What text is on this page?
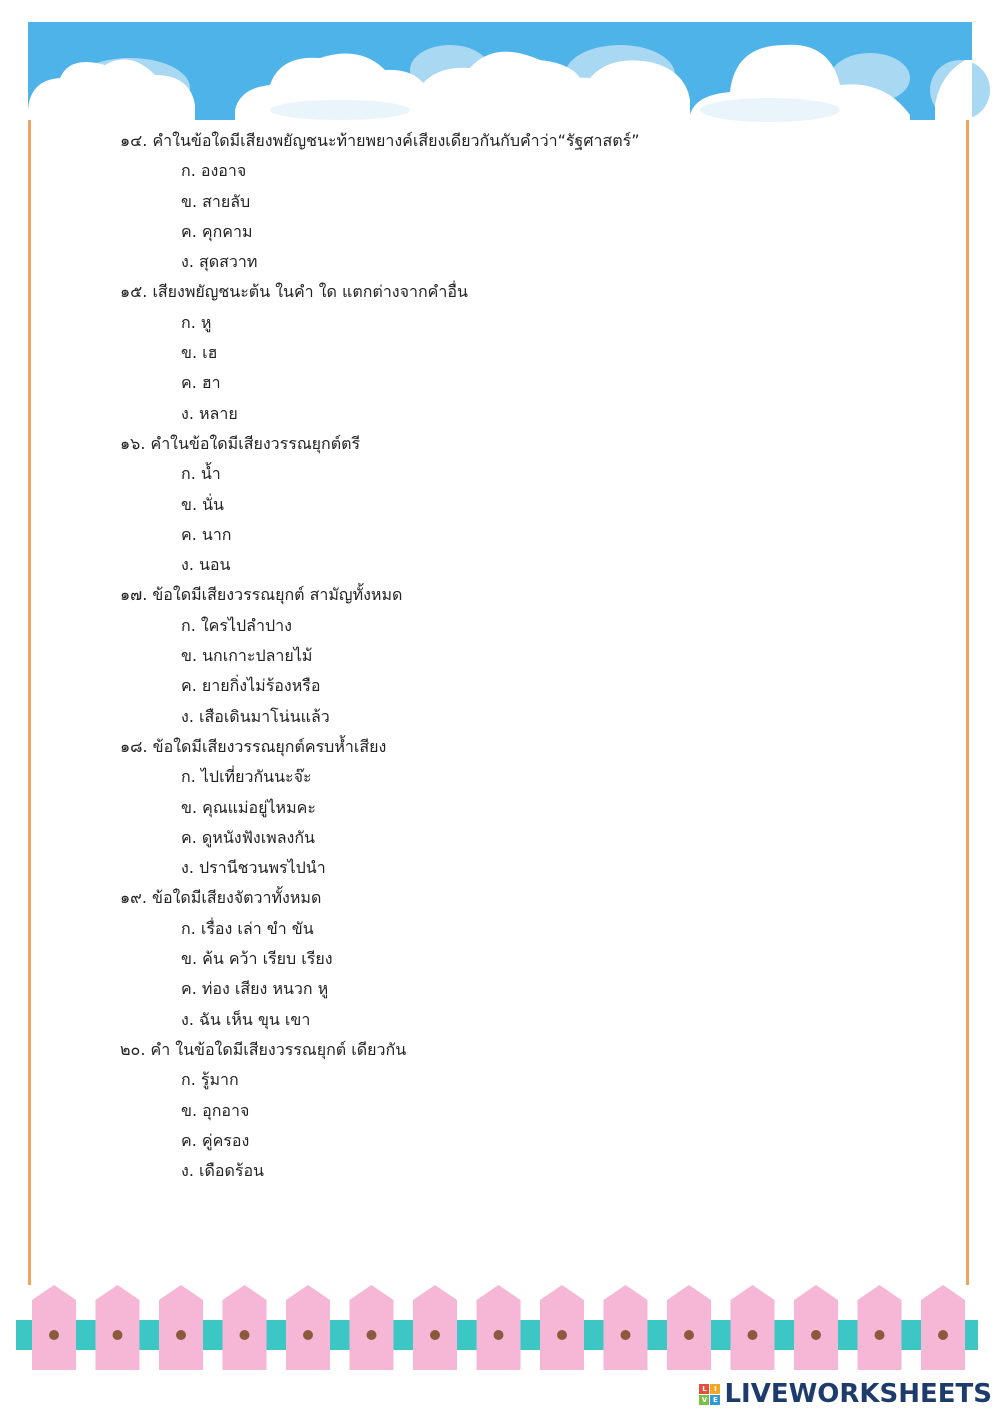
๑๔. คำในข้อใดมีเสียงพยัญชนะท้ายพยางค์เสียงเดียวกันกับคำว่า“รัฐศาสตร์”
ก. องอาจ
ข. สายลับ
ค. คุกคาม
ง. สุดสวาท
๑๕. เสียงพยัญชนะต้น ในคำ ใด แตกต่างจากคำอื่น
ก. หู
ข. เฮ
ค. ฮา
ง. หลาย
๑๖. คำในข้อใดมีเสียงวรรณยุกต์ตรี
ก. น้ำ
ข. นั่น
ค. นาก
ง. นอน
๑๗. ข้อใดมีเสียงวรรณยุกต์ สามัญทั้งหมด
ก. ใครไปลำปาง
ข. นกเกาะปลายไม้
ค. ยายกิ่งไม่ร้องหรือ
ง. เสือเดินมาโน่นแล้ว
๑๘. ข้อใดมีเสียงวรรณยุกต์ครบห้ำเสียง
ก. ไปเที่ยวกันนะจ๊ะ
ข. คุณแม่อยู่ไหมคะ
ค. ดูหนังฟังเพลงกัน
ง. ปรานีชวนพรไปนำ
๑๙. ข้อใดมีเสียงจัตวาทั้งหมด
ก. เรื่อง เล่า ขำ ขัน
ข. ค้น คว้า เรียบ เรียง
ค. ท่อง เสียง หนวก หู
ง. ฉัน เห็น ขุน เขา
๒๐. คำ ในข้อใดมีเสียงวรรณยุกต์ เดียวกัน
ก. รู้มาก
ข. อุกอาจ
ค. คู่ครอง
ง. เดือดร้อน
L	I
V E LIVEWORKSHEETS
